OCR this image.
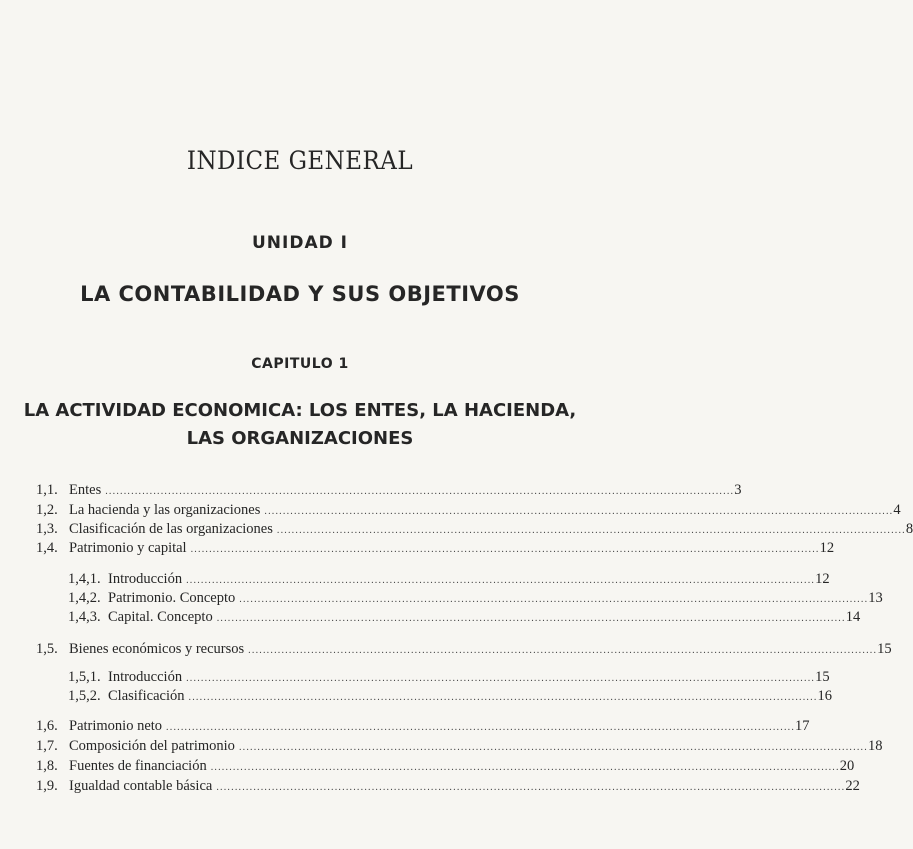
INDICE GENERAL
UNIDAD I
LA CONTABILIDAD Y SUS OBJETIVOS
CAPITULO 1
LA ACTIVIDAD ECONOMICA: LOS ENTES, LA HACIENDA,
LAS ORGANIZACIONES
1,1. Entes .......................................................................................................................................................................... 3
1,2. La hacienda y las organizaciones .......................................................................................................................................................................... 4
1,3. Clasificación de las organizaciones .......................................................................................................................................................................... 8
1,4. Patrimonio y capital .......................................................................................................................................................................... 12
1,4,1. Introducción .......................................................................................................................................................................... 12
1,4,2. Patrimonio. Concepto .......................................................................................................................................................................... 13
1,4,3. Capital. Concepto .......................................................................................................................................................................... 14
1,5. Bienes económicos y recursos .......................................................................................................................................................................... 15
1,5,1. Introducción .......................................................................................................................................................................... 15
1,5,2. Clasificación .......................................................................................................................................................................... 16
1,6. Patrimonio neto .......................................................................................................................................................................... 17
1,7. Composición del patrimonio .......................................................................................................................................................................... 18
1,8. Fuentes de financiación .......................................................................................................................................................................... 20
1,9. Igualdad contable básica .......................................................................................................................................................................... 22
